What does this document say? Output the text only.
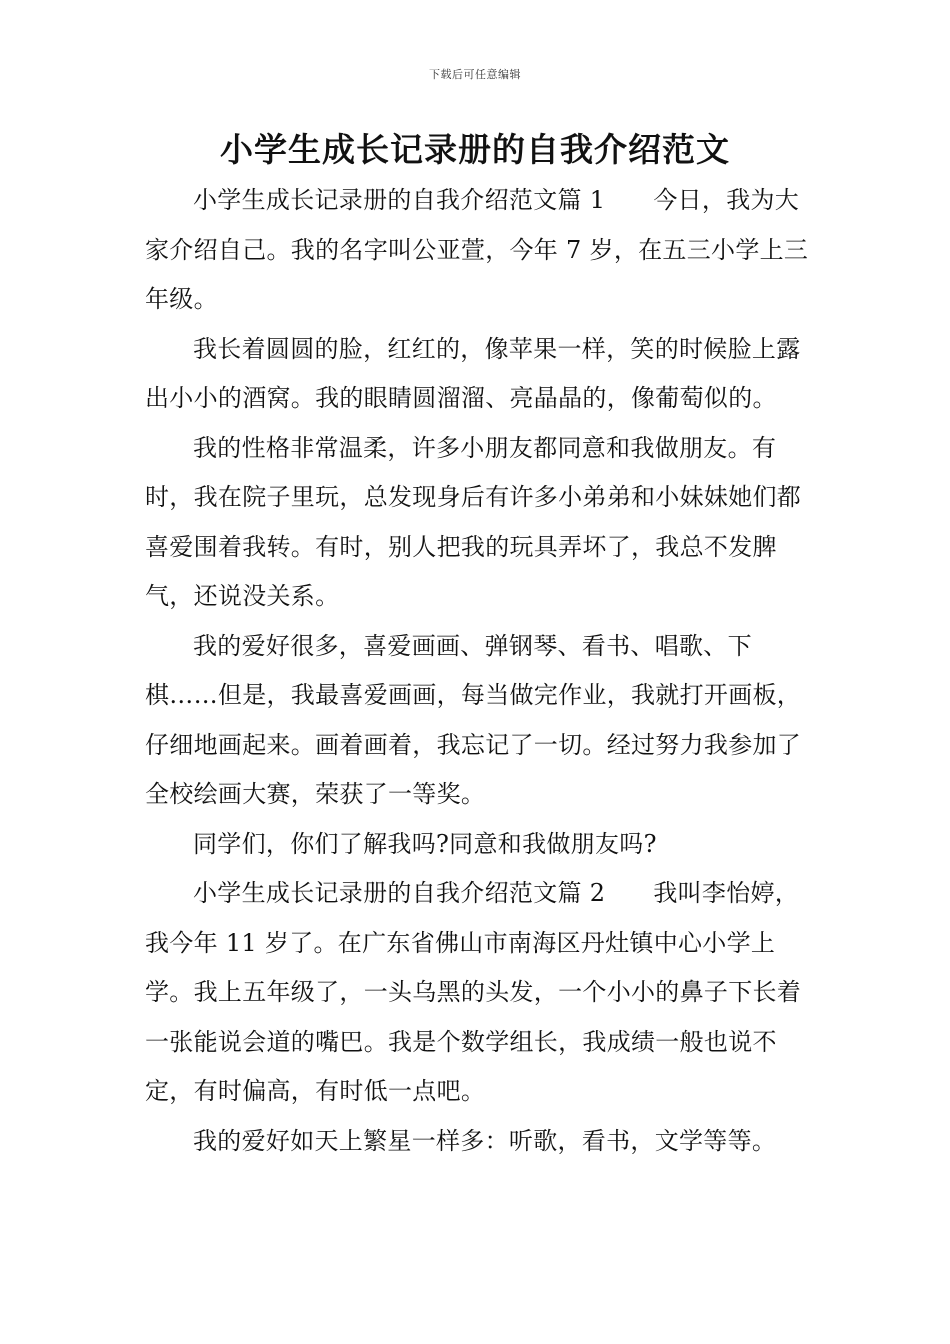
下载后可任意编辑
小学生成长记录册的自我介绍范文

小学生成长记录册的自我介绍范文篇 1 今日，我为大家介绍自己。我的名字叫公亚萱，今年 7 岁，在五三小学上三年级。

我长着圆圆的脸，红红的，像苹果一样，笑的时候脸上露出小小的酒窝。我的眼睛圆溜溜、亮晶晶的，像葡萄似的。

我的性格非常温柔，许多小朋友都同意和我做朋友。有时，我在院子里玩，总发现身后有许多小弟弟和小妹妹她们都喜爱围着我转。有时，别人把我的玩具弄坏了，我总不发脾气，还说没关系。

我的爱好很多，喜爱画画、弹钢琴、看书、唱歌、下棋……但是，我最喜爱画画，每当做完作业，我就打开画板，仔细地画起来。画着画着，我忘记了一切。经过努力我参加了全校绘画大赛，荣获了一等奖。

同学们，你们了解我吗?同意和我做朋友吗?

小学生成长记录册的自我介绍范文篇 2 我叫李怡婷，我今年 11 岁了。在广东省佛山市南海区丹灶镇中心小学上学。我上五年级了，一头乌黑的头发，一个小小的鼻子下长着一张能说会道的嘴巴。我是个数学组长，我成绩一般也说不定，有时偏高，有时低一点吧。

我的爱好如天上繁星一样多：听歌，看书，文学等等。
